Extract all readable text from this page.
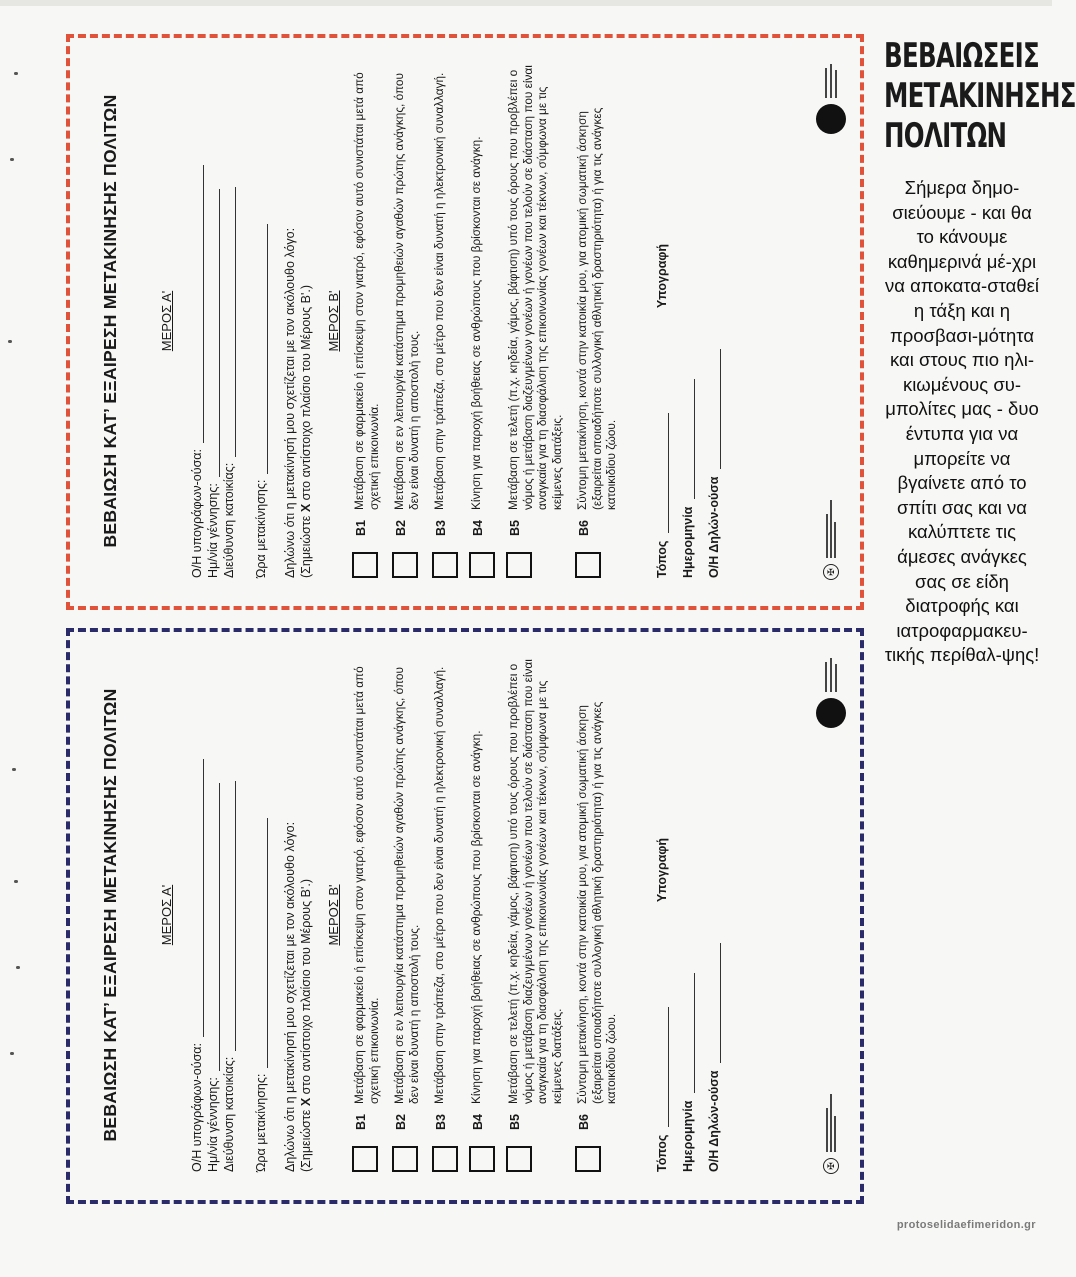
ΒΕΒΑΙΩΣΗ ΚΑΤ’ ΕΞΑΙΡΕΣΗ ΜΕΤΑΚΙΝΗΣΗΣ ΠΟΛΙΤΩΝ	ΜΕΡΟΣ Α'
Ο/Η υπογράφων-ούσα: Ημ/νία γέννησης: Διεύθυνση κατοικίας: Ώρα μετακίνησης: Δηλώνω ότι η μετακίνησή μου σχετίζεται με τον ακόλουθο λόγο: (Σημειώστε Χ στο αντίστοιχο πλαίσιο του Μέρους Β'.) ΜΕΡΟΣ Β'
Β1
Μετάβαση σε φαρμακείο ή επίσκεψη στον γιατρό, εφόσον αυτό συνιστάται μετά από σχετική επικοινωνία.
Β2
Μετάβαση σε εν λειτουργία κατάστημα προμηθειών αγαθών πρώτης ανάγκης, όπου δεν είναι δυνατή η αποστολή τους.
Β3
Μετάβαση στην τράπεζα, στο μέτρο που δεν είναι δυνατή η ηλεκτρονική συναλλαγή.
Β4
Κίνηση για παροχή βοήθειας σε ανθρώπους που βρίσκονται σε ανάγκη.
Β5
Μετάβαση σε τελετή (π.χ. κηδεία, γάμος, βάφτιση) υπό τους όρους που προβλέπει ο νόμος ή μετάβαση διαζευγμένων γονέων ή γονέων που τελούν σε διάσταση που είναι αναγκαία για τη διασφάλιση της επικοινωνίας γονέων και τέκνων, σύμφωνα με τις κείμενες διατάξεις.
Β6
Σύντομη μετακίνηση, κοντά στην κατοικία μου, για ατομική σωματική άσκηση (εξαιρείται οποιαδήποτε συλλογική αθλητική δραστηριότητα) ή για τις ανάγκες κατοικιδίου ζώου.
Τόπος Ημερομηνία Ο/Η Δηλών-ούσα
Υπογραφή
✠
ΒΕΒΑΙΩΣΗ ΚΑΤ’ ΕΞΑΙΡΕΣΗ ΜΕΤΑΚΙΝΗΣΗΣ ΠΟΛΙΤΩΝ	ΜΕΡΟΣ Α'
Ο/Η υπογράφων-ούσα: Ημ/νία γέννησης: Διεύθυνση κατοικίας: Ώρα μετακίνησης: Δηλώνω ότι η μετακίνησή μου σχετίζεται με τον ακόλουθο λόγο: (Σημειώστε Χ στο αντίστοιχο πλαίσιο του Μέρους Β'.) ΜΕΡΟΣ Β'
Β1
Μετάβαση σε φαρμακείο ή επίσκεψη στον γιατρό, εφόσον αυτό συνιστάται μετά από σχετική επικοινωνία.
Β2
Μετάβαση σε εν λειτουργία κατάστημα προμηθειών αγαθών πρώτης ανάγκης, όπου δεν είναι δυνατή η αποστολή τους.
Β3
Μετάβαση στην τράπεζα, στο μέτρο που δεν είναι δυνατή η ηλεκτρονική συναλλαγή.
Β4
Κίνηση για παροχή βοήθειας σε ανθρώπους που βρίσκονται σε ανάγκη.
Β5
Μετάβαση σε τελετή (π.χ. κηδεία, γάμος, βάφτιση) υπό τους όρους που προβλέπει ο νόμος ή μετάβαση διαζευγμένων γονέων ή γονέων που τελούν σε διάσταση που είναι αναγκαία για τη διασφάλιση της επικοινωνίας γονέων και τέκνων, σύμφωνα με τις κείμενες διατάξεις.
Β6
Σύντομη μετακίνηση, κοντά στην κατοικία μου, για ατομική σωματική άσκηση (εξαιρείται οποιαδήποτε συλλογική αθλητική δραστηριότητα) ή για τις ανάγκες κατοικιδίου ζώου.
Τόπος Ημερομηνία Ο/Η Δηλών-ούσα
Υπογραφή
✠
ΒΕΒΑΙΩΣΕΙΣ
ΜΕΤΑΚΙΝΗΣΗΣ
ΠΟΛΙΤΩΝ
Σήμερα δημο-σιεύουμε - και θα το κάνουμε καθημερινά μέ-χρι να αποκατα-σταθεί η τάξη και η προσβασι-μότητα και στους πιο ηλι-κιωμένους συ-μπολίτες μας - δυο έντυπα για να μπορείτε να βγαίνετε από το σπίτι σας και να καλύπτετε τις άμεσες ανάγκες σας σε είδη διατροφής και ιατροφαρμακευ-τικής περίθαλ-ψης!
protoselidaefimeridon.gr
